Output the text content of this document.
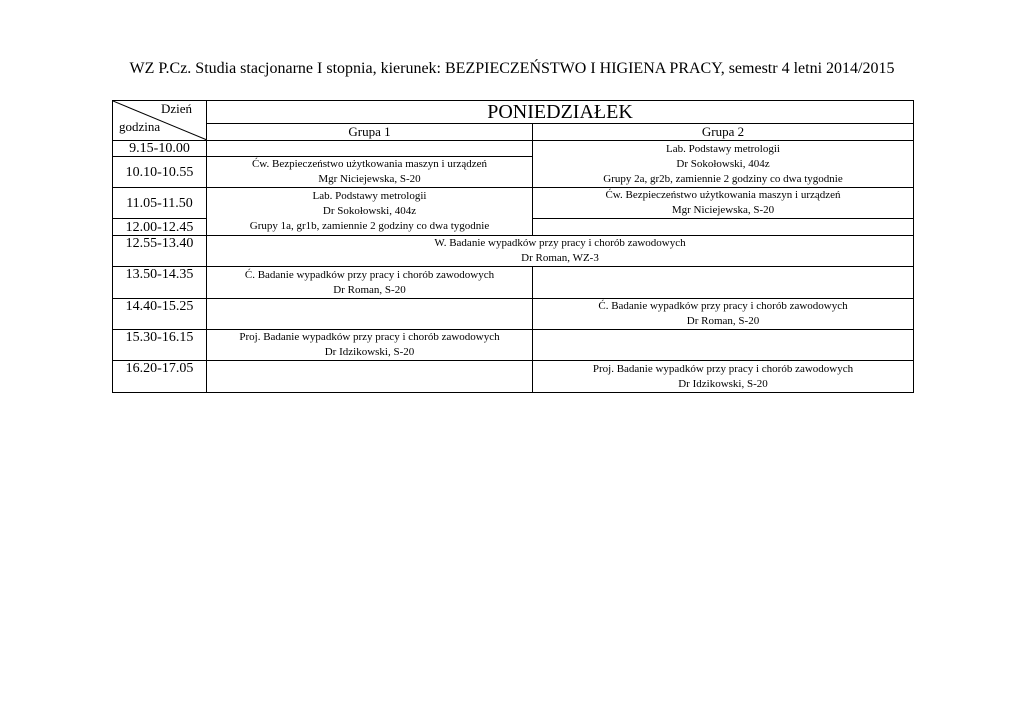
WZ P.Cz. Studia stacjonarne I stopnia, kierunek: BEZPIECZEŃSTWO I HIGIENA PRACY, semestr 4 letni 2014/2015
Dzień
godzina	PONIEDZIAŁEK	
	Grupa 1	Grupa 2
9.15-10.00		Lab. Podstawy metrologii
Dr Sokołowski, 404z
Grupy 2a, gr2b, zamiennie 2 godziny co dwa tygodnie

10.10-10.55	Ćw. Bezpieczeństwo użytkowania maszyn i urządzeń
Mgr Niciejewska, S-20	

11.05-11.50	Lab. Podstawy metrologii
Dr Sokołowski, 404z
Grupy 1a, gr1b, zamiennie 2 godziny co dwa tygodnie	Ćw. Bezpieczeństwo użytkowania maszyn i urządzeń
Mgr Niciejewska, S-20

12.00-12.45		
12.55-13.40	W. Badanie wypadków przy pracy i chorób zawodowych
Dr Roman, WZ-3	

13.50-14.35	Ć. Badanie wypadków przy pracy i chorób zawodowych
Dr Roman, S-20	

14.40-15.25		Ć. Badanie wypadków przy pracy i chorób zawodowych
Dr Roman, S-20

15.30-16.15	Proj. Badanie wypadków przy pracy i chorób zawodowych
Dr Idzikowski, S-20	

16.20-17.05		Proj. Badanie wypadków przy pracy i chorób zawodowych
Dr Idzikowski, S-20
